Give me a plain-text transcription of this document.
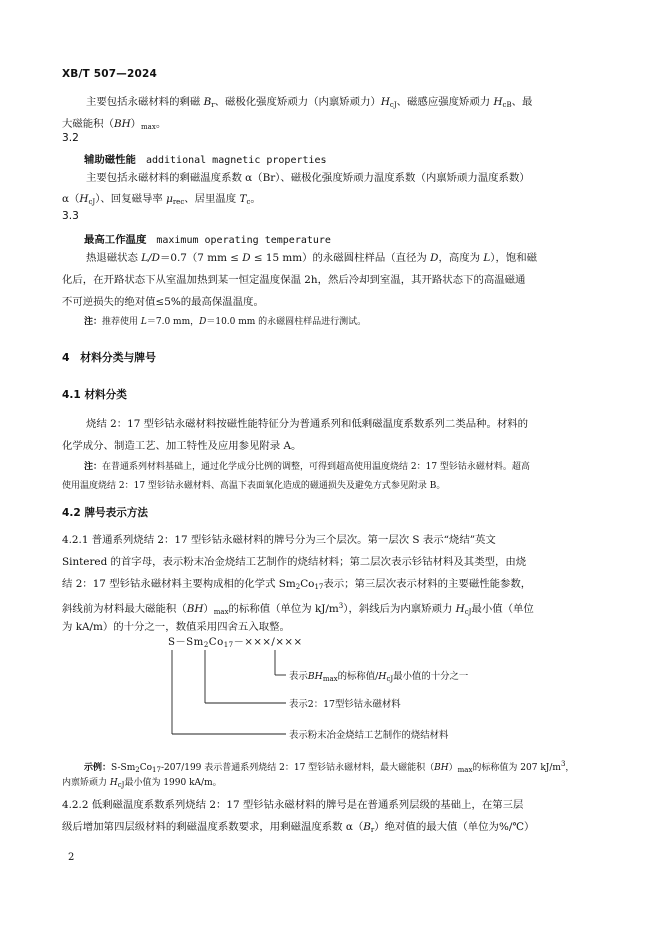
XB/T 507—2024
主要包括永磁材料的剩磁 $B_r$、磁极化强度矫顽力（内禀矫顽力）$H_{cJ}$、磁感应强度矫顽力 $H_{cB}$、最
大磁能积$(BH)_{max}$。
3.2
辅助磁性能 additional magnetic properties
主要包括永磁材料的剩磁温度系数 α（Br）、磁极化强度矫顽力温度系数（内禀矫顽力温度系数）
$\alpha(H_{cJ})$、回复磁导率 $\mu_{rec}$、居里温度 $T_c$。
3.3
最高工作温度 maximum operating temperature
热退磁状态 L/D＝0.7（7 mm ≤ D ≤ 15 mm）的永磁圆柱样品（直径为 D，高度为 L），饱和磁
化后，在开路状态下从室温加热到某一恒定温度保温 2h，然后冷却到室温，其开路状态下的高温磁通
不可逆损失的绝对值≤5%的最高保温温度。
注：推荐使用 L＝7.0 mm，D＝10.0 mm 的永磁圆柱样品进行测试。
4　材料分类与牌号
4.1 材料分类
烧结 2：17 型钐钴永磁材料按磁性能特征分为普通系列和低剩磁温度系数系列二类品种。材料的
化学成分、制造工艺、加工特性及应用参见附录 A。
注：在普通系列材料基础上，通过化学成分比例的调整，可得到超高使用温度烧结 2：17 型钐钴永磁材料。超高
使用温度烧结 2：17 型钐钴永磁材料、高温下表面氧化造成的磁通损失及避免方式参见附录 B。
4.2 牌号表示方法
4.2.1 普通系列烧结 2：17 型钐钴永磁材料的牌号分为三个层次。第一层次 S 表示“烧结”英文
Sintered 的首字母，表示粉末冶金烧结工艺制作的烧结材料；第二层次表示钐钴材料及其类型，由烧
结 2：17 型钐钴永磁材料主要构成相的化学式 $Sm_2Co_{17}$表示；第三层次表示材料的主要磁性能参数，
斜线前为材料最大磁能积$(BH)_{max}$的标称值（单位为 $kJ/m^3$），斜线后为内禀矫顽力 $H_{cJ}$最小值（单位
为 kA/m）的十分之一，数值采用四舍五入取整。
$S-Sm_2Co_{17}-\times\times\times/\times\times\times$
表示$BH_{max}$的标称值$/H_{cJ}$最小值的十分之一
表示2：17型钐钴永磁材料
表示粉末冶金烧结工艺制作的烧结材料
示例：$S-Sm_2Co_{17}-207/199$ 表示普通系列烧结 2：17 型钐钴永磁材料，最大磁能积$(BH)_{max}$的标称值为 207 $kJ/m^3$，
内禀矫顽力 $H_{cJ}$最小值为 1990 kA/m。
4.2.2 低剩磁温度系数系列烧结 2：17 型钐钴永磁材料的牌号是在普通系列层级的基础上，在第三层
级后增加第四层级材料的剩磁温度系数要求，用剩磁温度系数 $\alpha(B_r)$绝对值的最大值（单位为%/℃）
2
